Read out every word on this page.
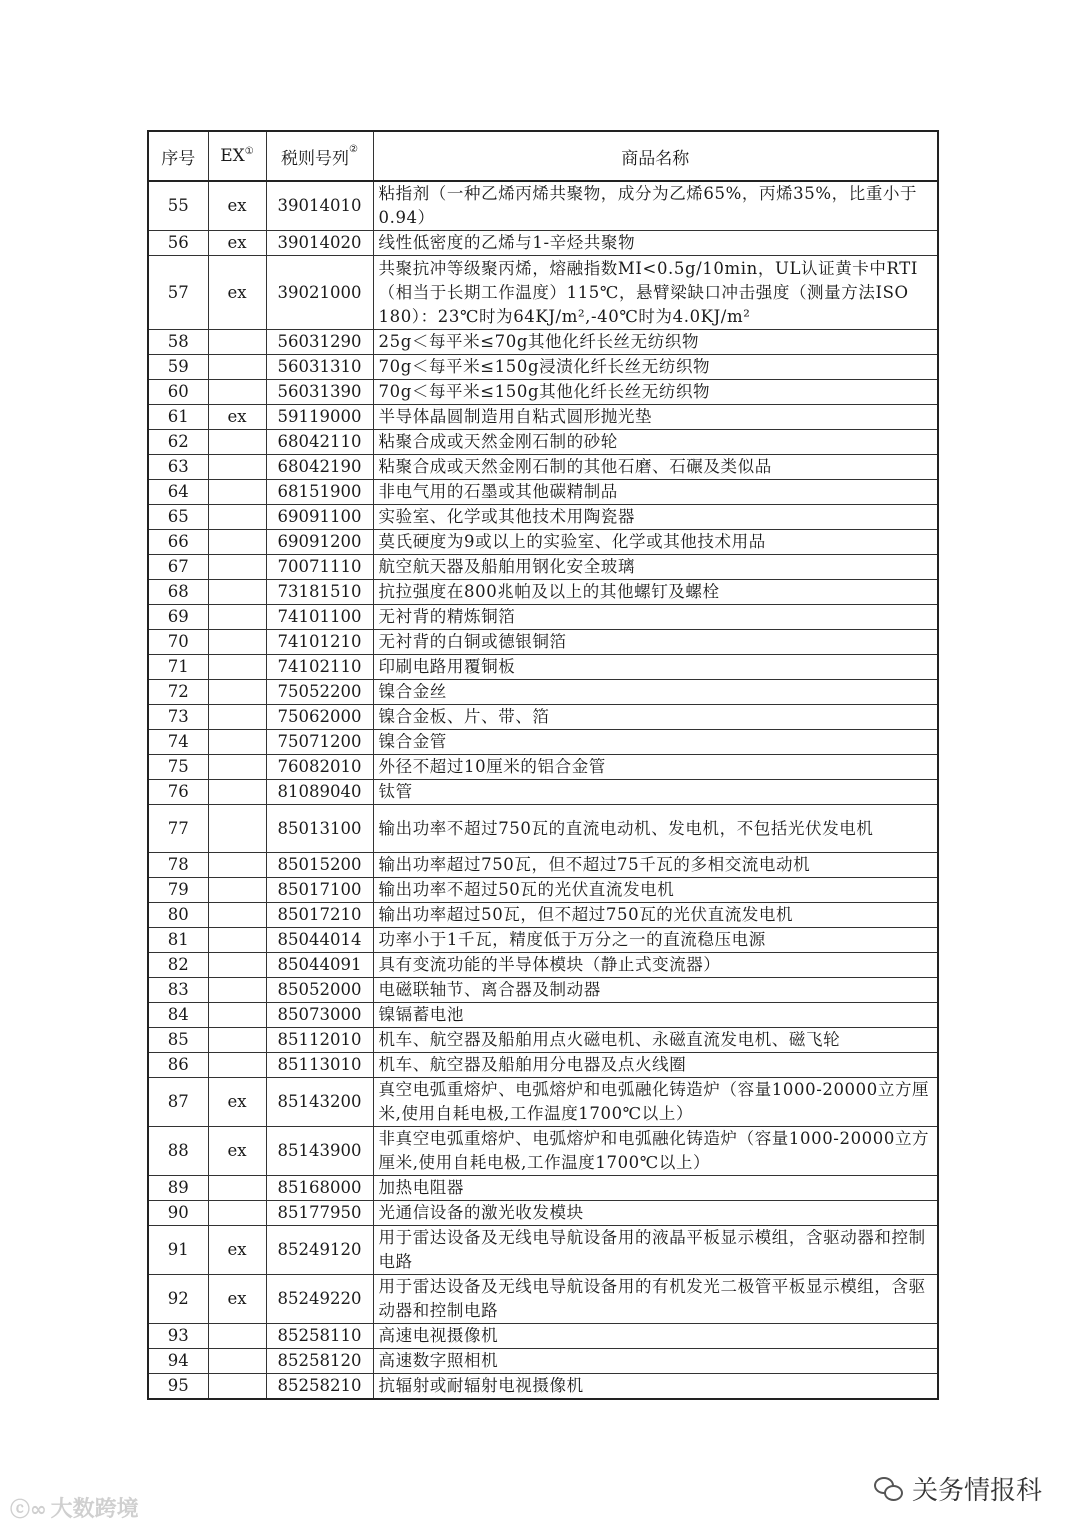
序号	EX①	税则号列②	商品名称
55	ex	39014010	粘指剂（一种乙烯丙烯共聚物，成分为乙烯65%，丙烯35%，比重小于0.94）
56	ex	39014020	线性低密度的乙烯与1-辛烃共聚物
57	ex	39021000	共聚抗冲等级聚丙烯，熔融指数MI<0.5g/10min，UL认证黄卡中RTI（相当于长期工作温度）115℃，悬臂梁缺口冲击强度（测量方法ISO 180）：23℃时为64KJ/m²,-40℃时为4.0KJ/m²
58		56031290	25g＜每平米≤70g其他化纤长丝无纺织物
59		56031310	70g＜每平米≤150g浸渍化纤长丝无纺织物
60		56031390	70g＜每平米≤150g其他化纤长丝无纺织物
61	ex	59119000	半导体晶圆制造用自粘式圆形抛光垫
62		68042110	粘聚合成或天然金刚石制的砂轮
63		68042190	粘聚合成或天然金刚石制的其他石磨、石碾及类似品
64		68151900	非电气用的石墨或其他碳精制品
65		69091100	实验室、化学或其他技术用陶瓷器
66		69091200	莫氏硬度为9或以上的实验室、化学或其他技术用品
67		70071110	航空航天器及船舶用钢化安全玻璃
68		73181510	抗拉强度在800兆帕及以上的其他螺钉及螺栓
69		74101100	无衬背的精炼铜箔
70		74101210	无衬背的白铜或德银铜箔
71		74102110	印刷电路用覆铜板
72		75052200	镍合金丝
73		75062000	镍合金板、片、带、箔
74		75071200	镍合金管
75		76082010	外径不超过10厘米的铝合金管
76		81089040	钛管
77		85013100	输出功率不超过750瓦的直流电动机、发电机，不包括光伏发电机
78		85015200	输出功率超过750瓦，但不超过75千瓦的多相交流电动机
79		85017100	输出功率不超过50瓦的光伏直流发电机
80		85017210	输出功率超过50瓦，但不超过750瓦的光伏直流发电机
81		85044014	功率小于1千瓦，精度低于万分之一的直流稳压电源
82		85044091	具有变流功能的半导体模块（静止式变流器）
83		85052000	电磁联轴节、离合器及制动器
84		85073000	镍镉蓄电池
85		85112010	机车、航空器及船舶用点火磁电机、永磁直流发电机、磁飞轮
86		85113010	机车、航空器及船舶用分电器及点火线圈
87	ex	85143200	真空电弧重熔炉、电弧熔炉和电弧融化铸造炉（容量1000-20000立方厘米,使用自耗电极,工作温度1700℃以上）
88	ex	85143900	非真空电弧重熔炉、电弧熔炉和电弧融化铸造炉（容量1000-20000立方厘米,使用自耗电极,工作温度1700℃以上）
89		85168000	加热电阻器
90		85177950	光通信设备的激光收发模块
91	ex	85249120	用于雷达设备及无线电导航设备用的液晶平板显示模组，含驱动器和控制电路
92	ex	85249220	用于雷达设备及无线电导航设备用的有机发光二极管平板显示模组，含驱动器和控制电路
93		85258110	高速电视摄像机
94		85258120	高速数字照相机
95		85258210	抗辐射或耐辐射电视摄像机
ⓒ∞ 大数跨境
关务情报科
